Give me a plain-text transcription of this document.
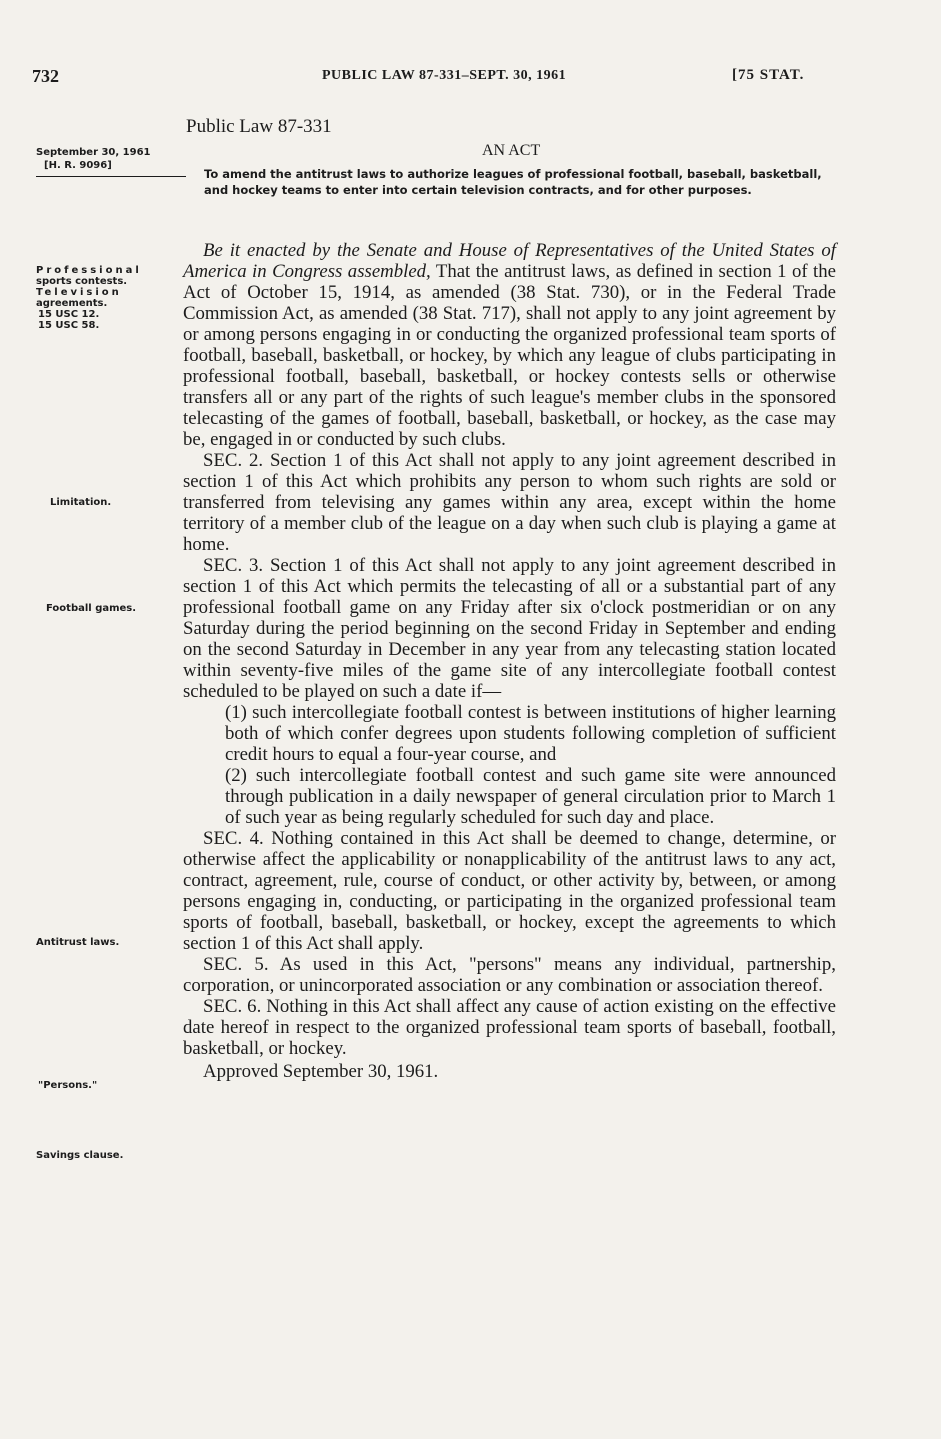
732	PUBLIC LAW 87-331–SEPT. 30, 1961	[75 STAT.
Public Law 87-331
AN ACT
September 30, 1961
[H. R. 9096]
To amend the antitrust laws to authorize leagues of professional football, baseball, basketball, and hockey teams to enter into certain television contracts, and for other purposes.
Professional
sports contests.
Television
agreements.
15 USC 12.
15 USC 58.
Limitation.
Football games.
Antitrust laws.
"Persons."
Savings clause.

Be it enacted by the Senate and House of Representatives of the United States of America in Congress assembled, That the antitrust laws, as defined in section 1 of the Act of October 15, 1914, as amended (38 Stat. 730), or in the Federal Trade Commission Act, as amended (38 Stat. 717), shall not apply to any joint agreement by or among persons engaging in or conducting the organized professional team sports of football, baseball, basketball, or hockey, by which any league of clubs participating in professional football, baseball, basketball, or hockey contests sells or otherwise transfers all or any part of the rights of such league's member clubs in the sponsored telecasting of the games of football, baseball, basketball, or hockey, as the case may be, engaged in or conducted by such clubs.

SEC. 2. Section 1 of this Act shall not apply to any joint agreement described in section 1 of this Act which prohibits any person to whom such rights are sold or transferred from televising any games within any area, except within the home territory of a member club of the league on a day when such club is playing a game at home.

SEC. 3. Section 1 of this Act shall not apply to any joint agreement described in section 1 of this Act which permits the telecasting of all or a substantial part of any professional football game on any Friday after six o'clock postmeridian or on any Saturday during the period beginning on the second Friday in September and ending on the second Saturday in December in any year from any telecasting station located within seventy-five miles of the game site of any intercollegiate football contest scheduled to be played on such a date if—

(1) such intercollegiate football contest is between institutions of higher learning both of which confer degrees upon students following completion of sufficient credit hours to equal a four-year course, and

(2) such intercollegiate football contest and such game site were announced through publication in a daily newspaper of general circulation prior to March 1 of such year as being regularly scheduled for such day and place.

SEC. 4. Nothing contained in this Act shall be deemed to change, determine, or otherwise affect the applicability or nonapplicability of the antitrust laws to any act, contract, agreement, rule, course of conduct, or other activity by, between, or among persons engaging in, conducting, or participating in the organized professional team sports of football, baseball, basketball, or hockey, except the agreements to which section 1 of this Act shall apply.

SEC. 5. As used in this Act, "persons" means any individual, partnership, corporation, or unincorporated association or any combination or association thereof.

SEC. 6. Nothing in this Act shall affect any cause of action existing on the effective date hereof in respect to the organized professional team sports of baseball, football, basketball, or hockey.

Approved September 30, 1961.
